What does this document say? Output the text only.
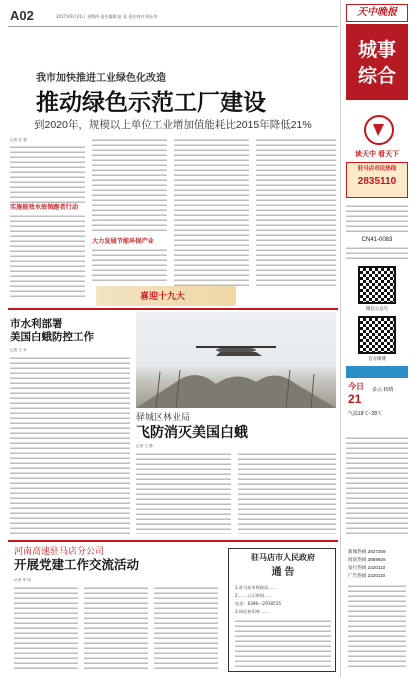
A02	2017年9月21日 星期四 责任编辑:赵 蓉 责任校对:胡永华	天中晚报
城事
综合
我市加快推进工业绿色化改造
推动绿色示范工厂建设
到2020年，规模以上单位工业增加值能耗比2015年降低21%
记者 张 强
实施能效水效领跑者行动
大力发展节能环保产业
喜迎十九大
市水利部署
美国白蛾防控工作
记者 王 东
驿城区林业局
飞防消灭美国白蛾
记者 王 静
河南高速驻马店分公司
开展党建工作交流活动
记者 李 伟
驻马店市人民政府
通 告
1.驻马店市财政局……
2.……公示时间……
电话：0396—2918515
3.同比折旧率……
读天中 看天下
驻马店市民热线
2835110
CN41-0083
微信公众号
官方微博
今日
21
多云 转晴
气温18℃~28℃
新闻热线 2837259
投诉热线 3889926
发行热线 2220110
广告热线 2220110
